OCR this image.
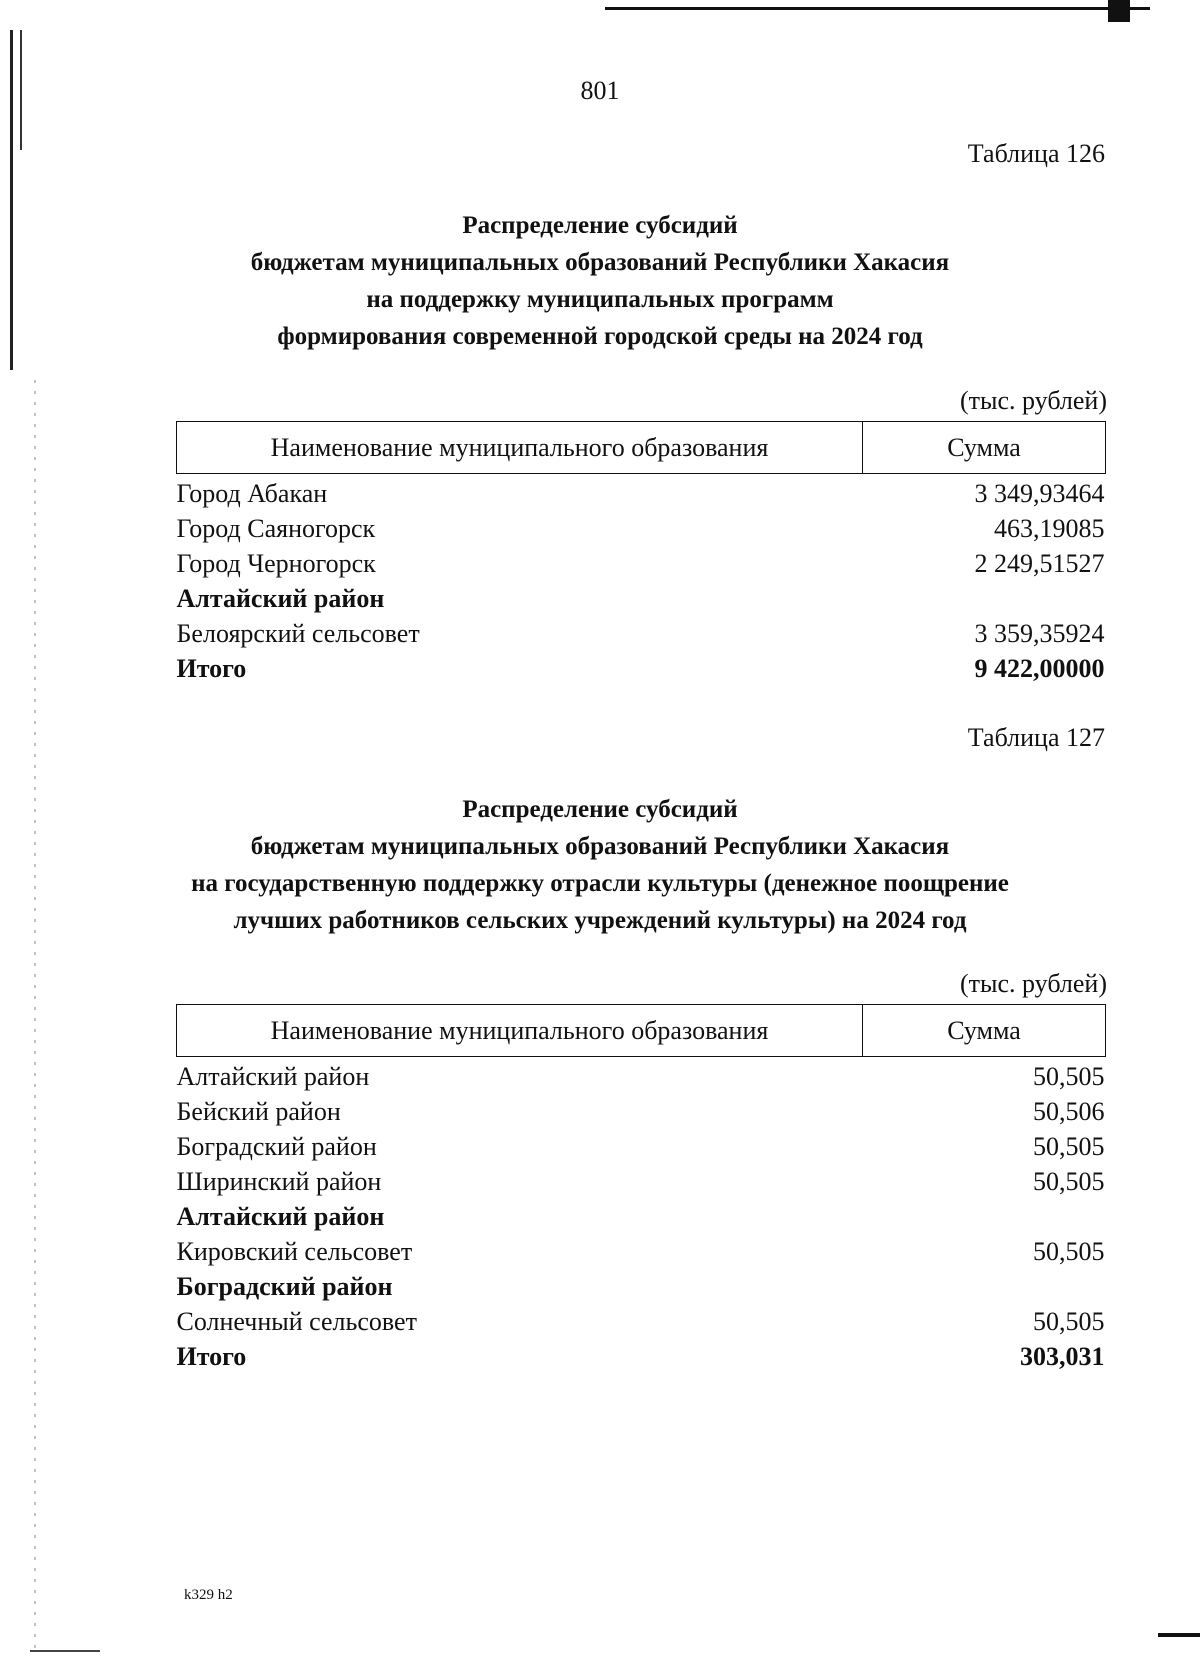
801
Таблица 126
Распределение субсидий
бюджетам муниципальных образований Республики Хакасия
на поддержку муниципальных программ
формирования современной городской среды на 2024 год
(тыс. рублей)
Наименование муниципального образования	Сумма
Город Абакан	3 349,93464
Город Саяногорск	463,19085
Город Черногорск	2 249,51527
Алтайский район	
Белоярский сельсовет	3 359,35924
Итого	9 422,00000
Таблица 127
Распределение субсидий
бюджетам муниципальных образований Республики Хакасия
на государственную поддержку отрасли культуры (денежное поощрение
лучших работников сельских учреждений культуры) на 2024 год
(тыс. рублей)
Наименование муниципального образования	Сумма
Алтайский район	50,505
Бейский район	50,506
Боградский район	50,505
Ширинский район	50,505
Алтайский район	
Кировский сельсовет	50,505
Боградский район	
Солнечный сельсовет	50,505
Итого	303,031
k329 h2
